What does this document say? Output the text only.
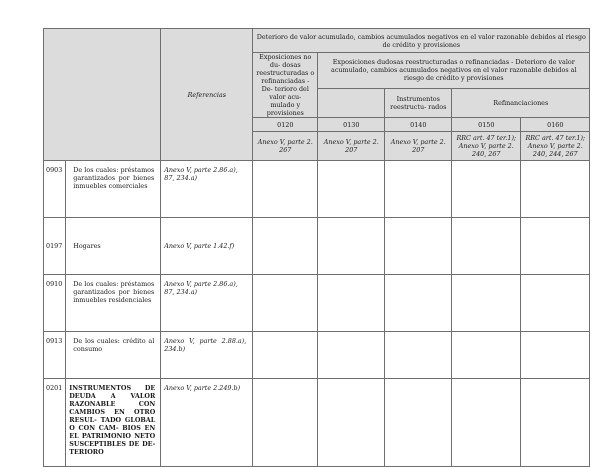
		Referencias	Deterioro de valor acumulado, cambios acumulados negativos en el valor razonable debidos al riesgo de crédito y provisiones				
			Exposiciones no du- dosas reestructuradas o refinanciadas - De- terioro del valor acu- mulado y provisiones	Exposiciones dudosas reestructuradas o refinanciadas - Deterioro de valor acumulado, cambios acumulados negativos en el valor razonable debidos al riesgo de crédito y provisiones			
					Instrumentos reestructu- rados	Refinanciaciones	
			0120	0130	0140	0150	0160
			Anexo V, parte 2. 267	Anexo V, parte 2. 207	Anexo V, parte 2. 207	RRC art. 47 ter.1); Anexo V, parte 2. 240, 267	RRC art. 47 ter.1); Anexo V, parte 2. 240, 244, 267
0903	De los cuales: préstamos garantizados por bienes inmuebles comerciales	Anexo V, parte 2.86.a), 87, 234.a)					
0197	Hogares	Anexo V, parte 1.42.f)					
0910	De los cuales: préstamos garantizados por bienes inmuebles residenciales	Anexo V, parte 2.86.a), 87, 234.a)					
0913	De los cuales: crédito al consumo	Anexo V, parte 2.88.a), 234.b)					
0201	INSTRUMENTOS DE DEUDA A VALOR RAZONABLE CON CAMBIOS EN OTRO RESUL- TADO GLOBAL O CON CAM- BIOS EN EL PATRIMONIO NETO SUSCEPTIBLES DE DE- TERIORO	Anexo V, parte 2.249.b)					
